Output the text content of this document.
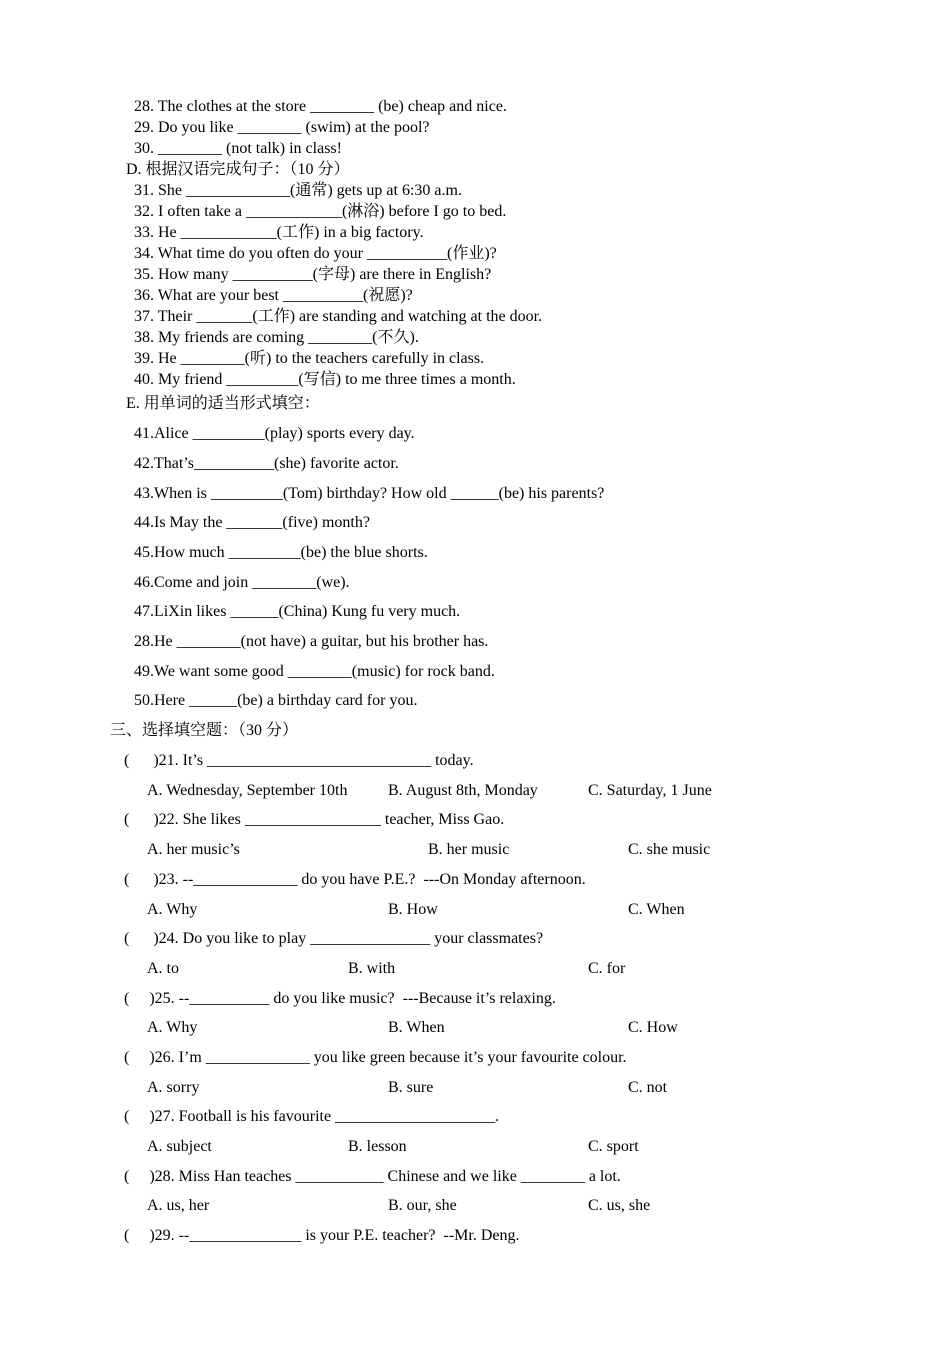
28. The clothes at the store ________ (be) cheap and nice.
29. Do you like ________ (swim) at the pool?
30. ________ (not talk) in class!
D. 根据汉语完成句子：（10 分）
31. She _____________(通常) gets up at 6:30 a.m.
32. I often take a ____________(淋浴) before I go to bed.
33. He ____________(工作) in a big factory.
34. What time do you often do your __________(作业)?
35. How many __________(字母) are there in English?
36. What are your best __________(祝愿)?
37. Their _______(工作) are standing and watching at the door.
38. My friends are coming ________(不久).
39. He ________(听) to the teachers carefully in class.
40. My friend _________(写信) to me three times a month.
E. 用单词的适当形式填空：
41.Alice _________(play) sports every day.
42.That’s__________(she) favorite actor.
43.When is _________(Tom) birthday? How old ______(be) his parents?
44.Is May the _______(five) month?
45.How much _________(be) the blue shorts.
46.Come and join ________(we).
47.LiXin likes ______(China) Kung fu very much.
28.He ________(not have) a guitar, but his brother has.
49.We want some good ________(music) for rock band.
50.Here ______(be) a birthday card for you.
三、选择填空题：（30 分）
(      )21. It’s ____________________________ today.
A. Wednesday, September 10th	B. August 8th, Monday	C. Saturday, 1 June
(      )22. She likes _________________ teacher, Miss Gao.
A. her music’s	B. her music	C. she music
(      )23. --_____________ do you have P.E.?  ---On Monday afternoon.
A. Why	B. How	C. When
(      )24. Do you like to play _______________ your classmates?
A. to	B. with	C. for
(     )25. --__________ do you like music?  ---Because it’s relaxing.
A. Why	B. When	C. How
(     )26. I’m _____________ you like green because it’s your favourite colour.
A. sorry	B. sure	C. not
(     )27. Football is his favourite ____________________.
A. subject	B. lesson	C. sport
(     )28. Miss Han teaches ___________ Chinese and we like ________ a lot.
A. us, her	B. our, she	C. us, she
(     )29. --______________ is your P.E. teacher?  --Mr. Deng.
